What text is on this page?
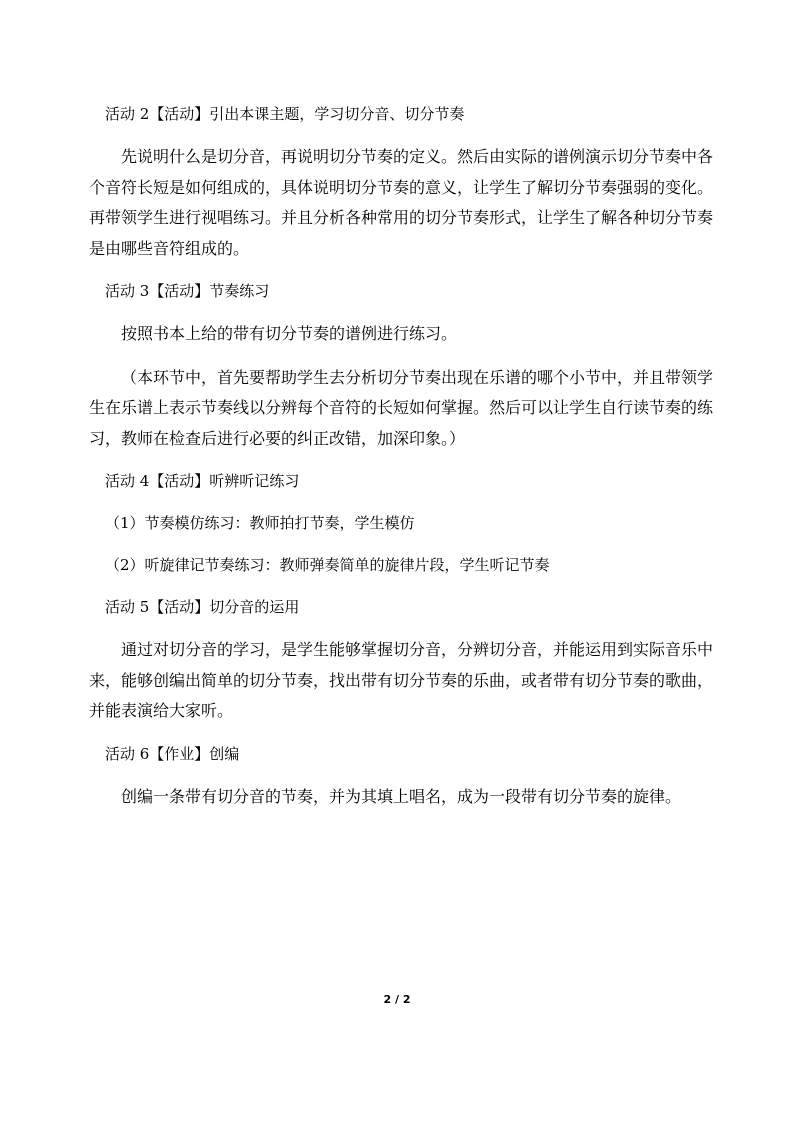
活动 2【活动】引出本课主题，学习切分音、切分节奏
先说明什么是切分音，再说明切分节奏的定义。然后由实际的谱例演示切分节奏中各个音符长短是如何组成的，具体说明切分节奏的意义，让学生了解切分节奏强弱的变化。再带领学生进行视唱练习。并且分析各种常用的切分节奏形式，让学生了解各种切分节奏是由哪些音符组成的。
活动 3【活动】节奏练习
按照书本上给的带有切分节奏的谱例进行练习。
（本环节中，首先要帮助学生去分析切分节奏出现在乐谱的哪个小节中，并且带领学生在乐谱上表示节奏线以分辨每个音符的长短如何掌握。然后可以让学生自行读节奏的练习，教师在检查后进行必要的纠正改错，加深印象。）
活动 4【活动】听辨听记练习
（1）节奏模仿练习：教师拍打节奏，学生模仿
（2）听旋律记节奏练习：教师弹奏简单的旋律片段，学生听记节奏
活动 5【活动】切分音的运用
通过对切分音的学习，是学生能够掌握切分音，分辨切分音，并能运用到实际音乐中来，能够创编出简单的切分节奏，找出带有切分节奏的乐曲，或者带有切分节奏的歌曲，并能表演给大家听。
活动 6【作业】创编
创编一条带有切分音的节奏，并为其填上唱名，成为一段带有切分节奏的旋律。
2 / 2
